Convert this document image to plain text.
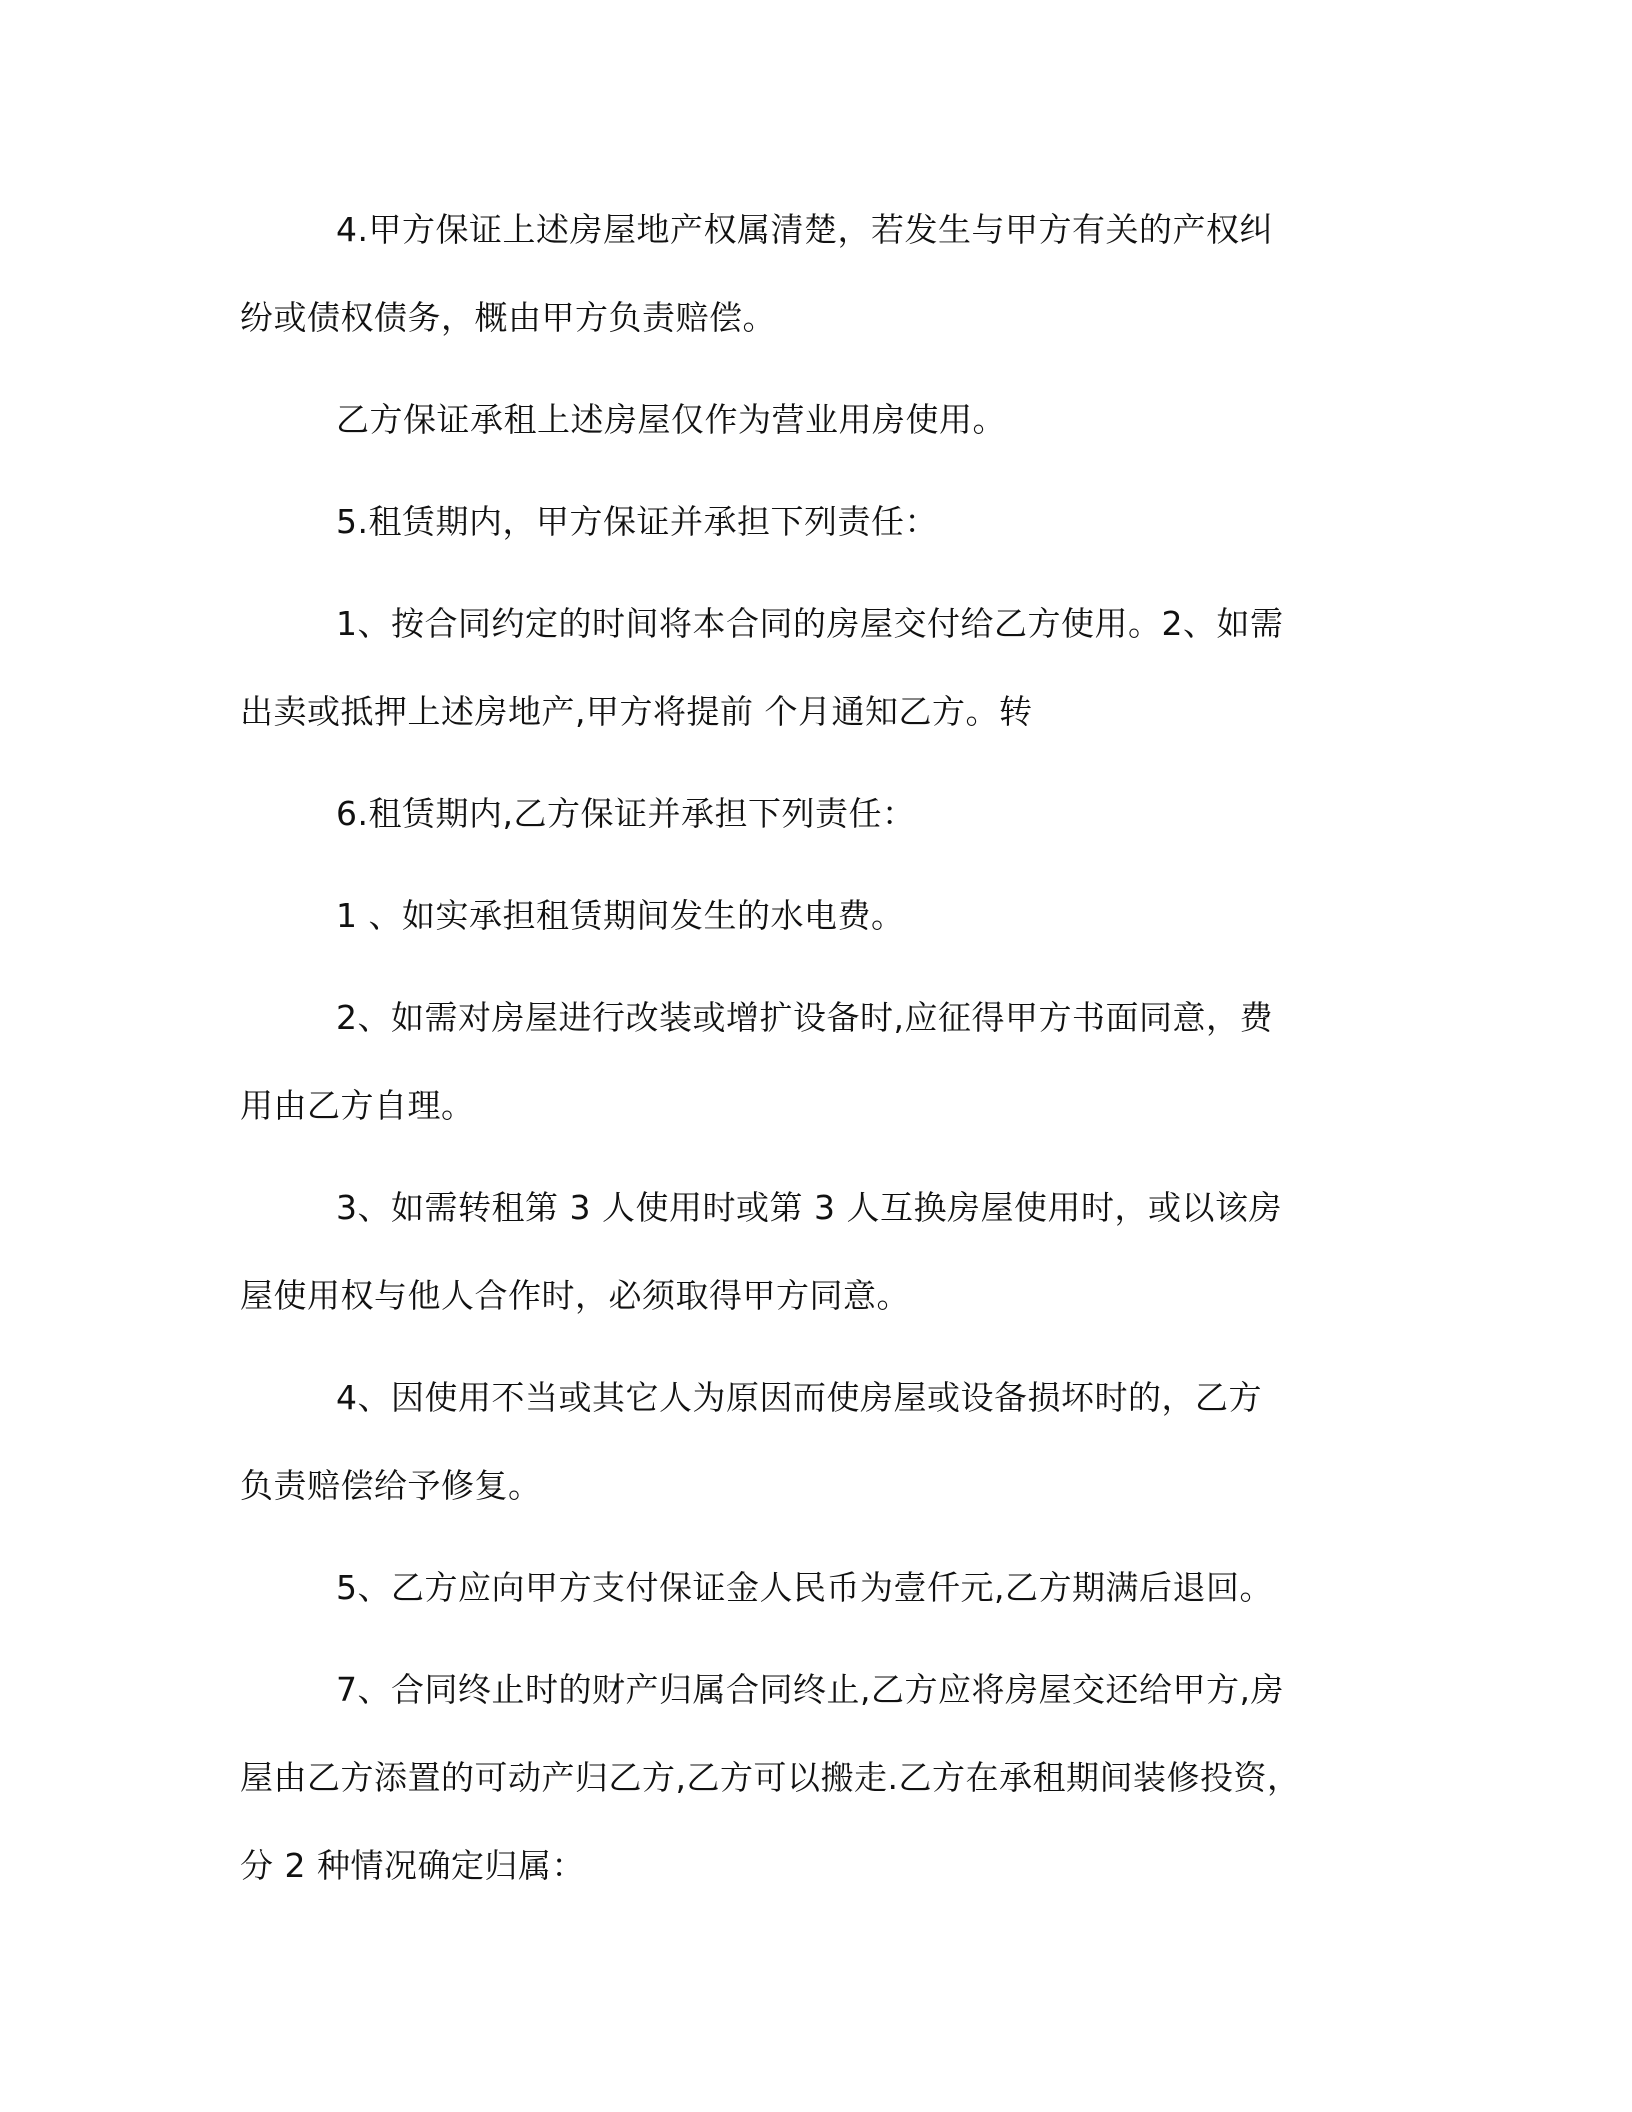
4.甲方保证上述房屋地产权属清楚，若发生与甲方有关的产权纠
纷或债权债务，概由甲方负责赔偿。

乙方保证承租上述房屋仅作为营业用房使用。

5.租赁期内，甲方保证并承担下列责任：

1、按合同约定的时间将本合同的房屋交付给乙方使用。2、如需
出卖或抵押上述房地产,甲方将提前 个月通知乙方。转

6.租赁期内,乙方保证并承担下列责任：

1 、如实承担租赁期间发生的水电费。

2、如需对房屋进行改装或增扩设备时,应征得甲方书面同意，费
用由乙方自理。

3、如需转租第 3 人使用时或第 3 人互换房屋使用时，或以该房
屋使用权与他人合作时，必须取得甲方同意。

4、因使用不当或其它人为原因而使房屋或设备损坏时的，乙方
负责赔偿给予修复。

5、乙方应向甲方支付保证金人民币为壹仟元,乙方期满后退回。

7、合同终止时的财产归属合同终止,乙方应将房屋交还给甲方,房
屋由乙方添置的可动产归乙方,乙方可以搬走.乙方在承租期间装修投资，
分 2 种情况确定归属：
